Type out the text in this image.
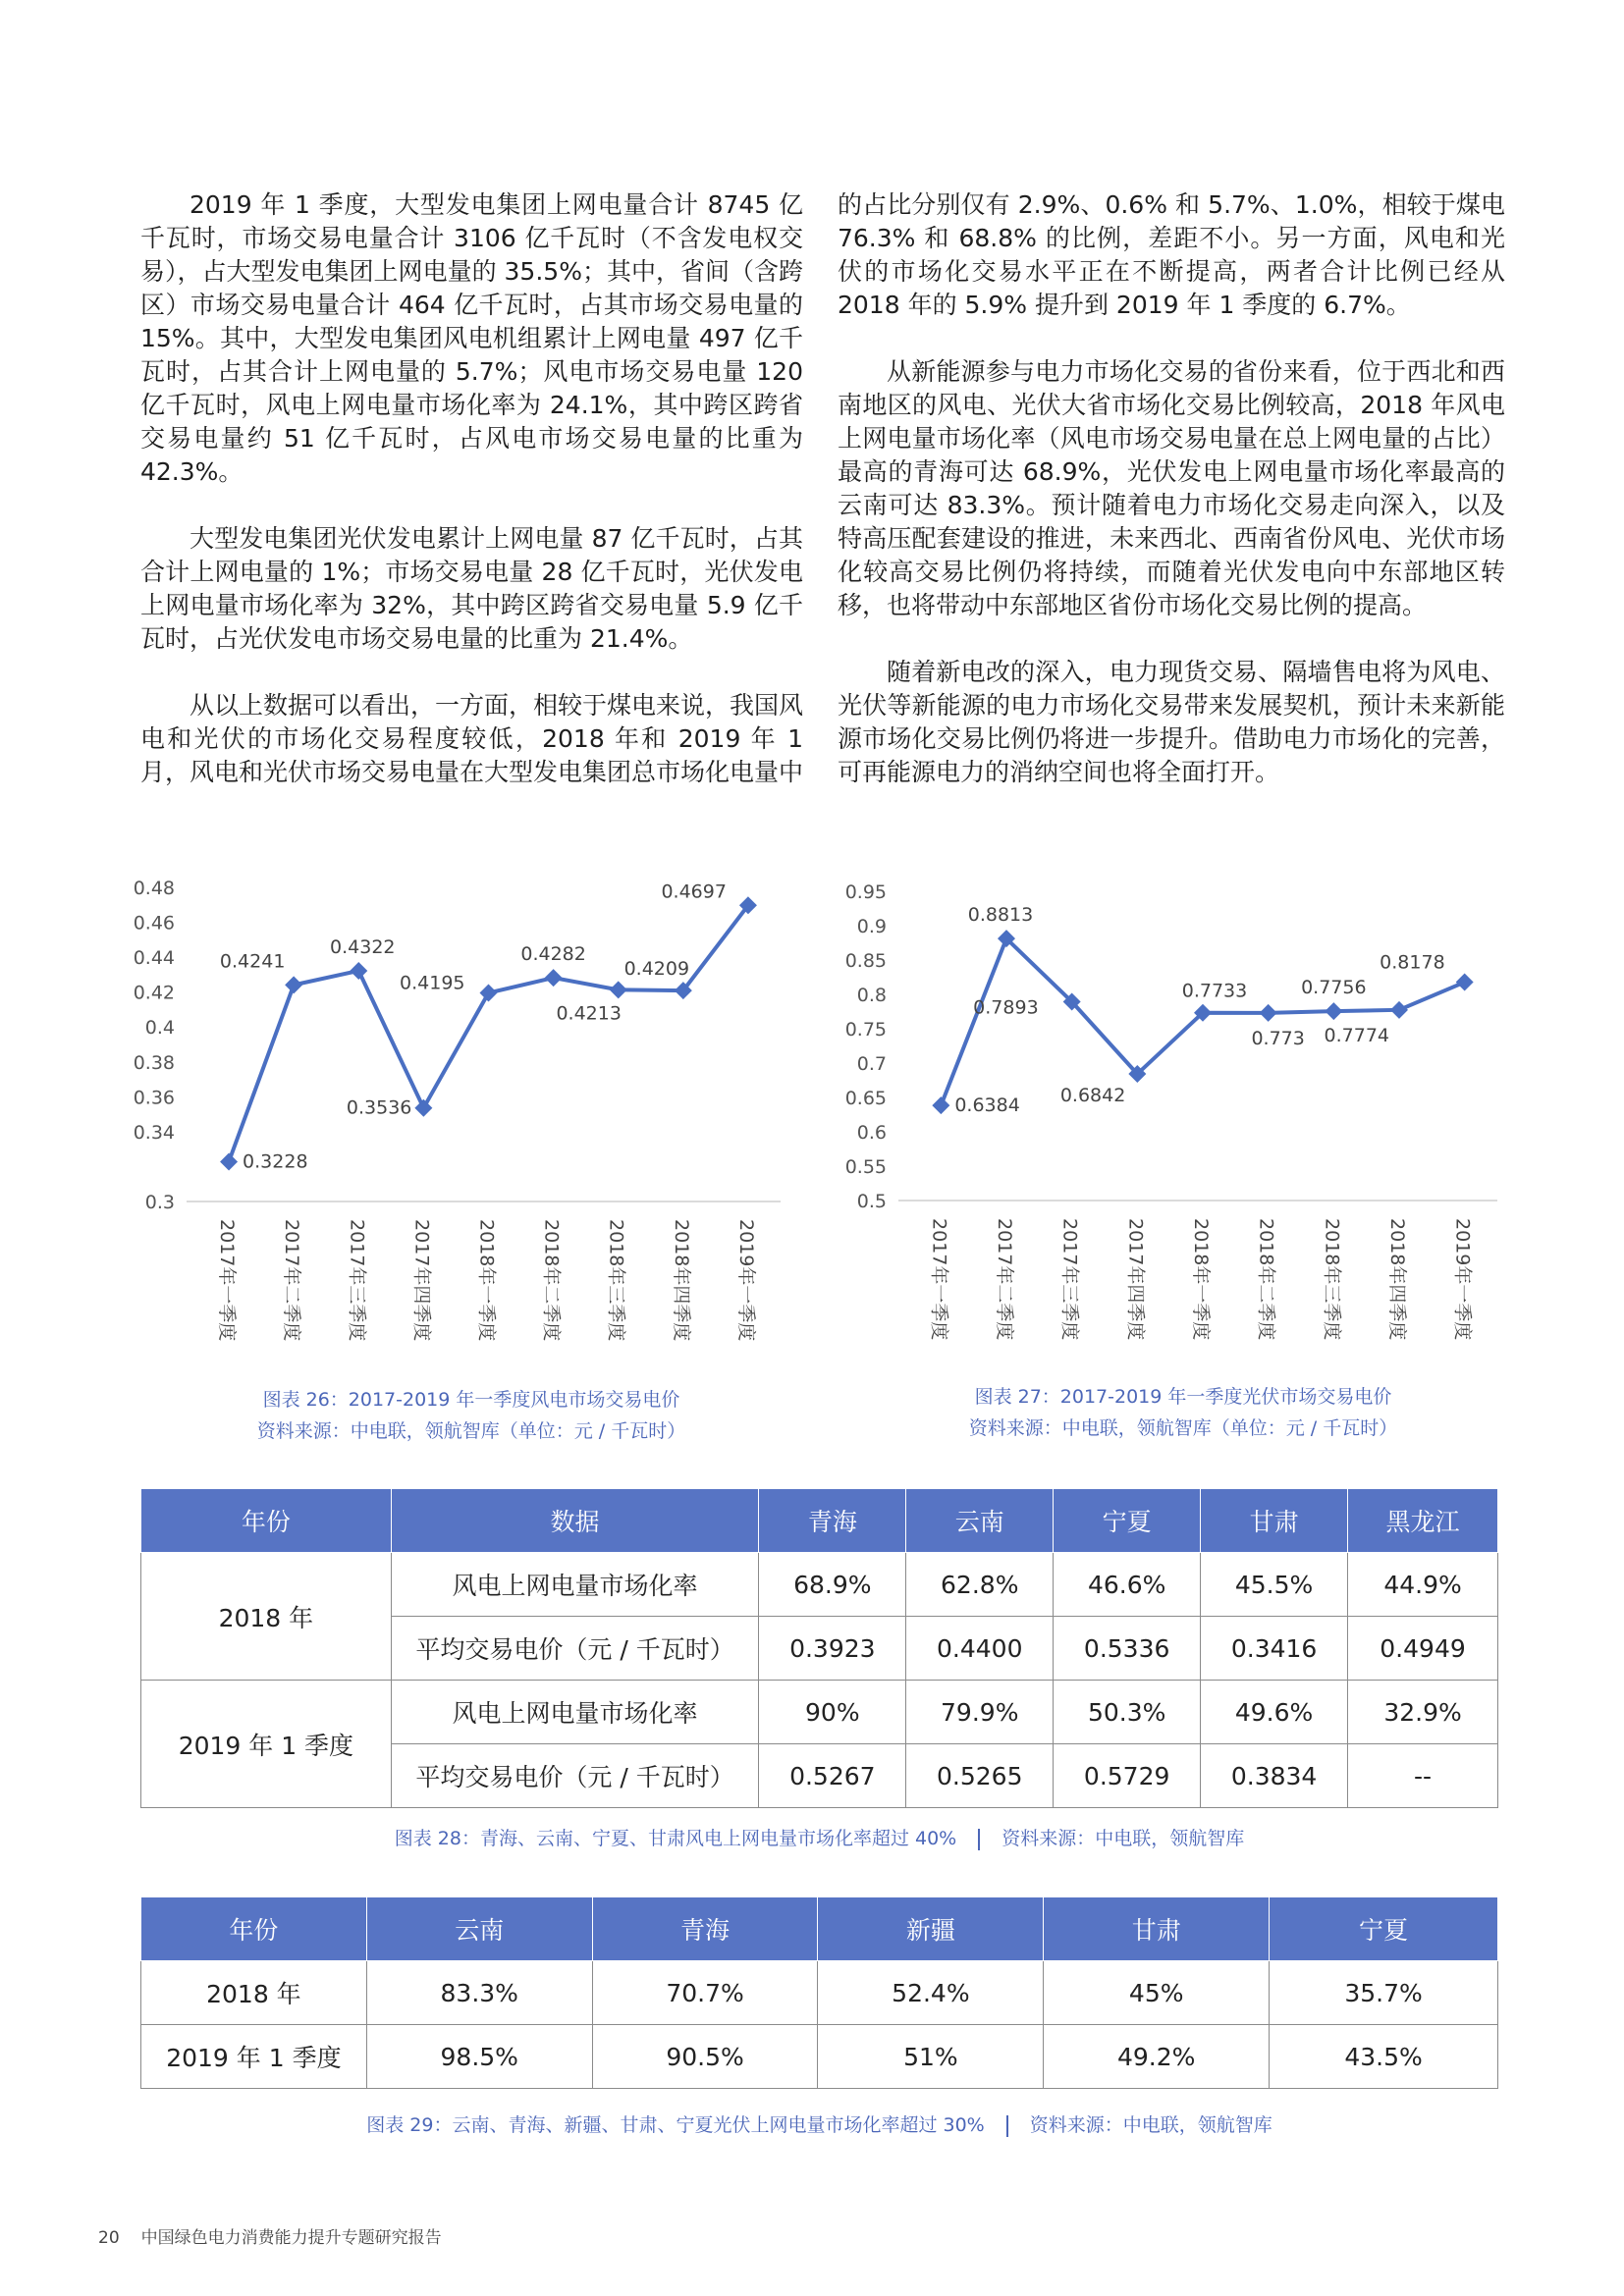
2019 年 1 季度，大型发电集团上网电量合计 8745 亿千瓦时，市场交易电量合计 3106 亿千瓦时（不含发电权交易），占大型发电集团上网电量的 35.5%；其中，省间（含跨区）市场交易电量合计 464 亿千瓦时，占其市场交易电量的 15%。其中，大型发电集团风电机组累计上网电量 497 亿千瓦时，占其合计上网电量的 5.7%；风电市场交易电量 120 亿千瓦时，风电上网电量市场化率为 24.1%，其中跨区跨省交易电量约 51 亿千瓦时，占风电市场交易电量的比重为 42.3%。

大型发电集团光伏发电累计上网电量 87 亿千瓦时，占其合计上网电量的 1%；市场交易电量 28 亿千瓦时，光伏发电上网电量市场化率为 32%，其中跨区跨省交易电量 5.9 亿千瓦时，占光伏发电市场交易电量的比重为 21.4%。

从以上数据可以看出，一方面，相较于煤电来说，我国风电和光伏的市场化交易程度较低，2018 年和 2019 年 1 月，风电和光伏市场交易电量在大型发电集团总市场化电量中

的占比分别仅有 2.9%、0.6% 和 5.7%、1.0%，相较于煤电 76.3% 和 68.8% 的比例，差距不小。另一方面，风电和光伏的市场化交易水平正在不断提高，两者合计比例已经从 2018 年的 5.9% 提升到 2019 年 1 季度的 6.7%。

从新能源参与电力市场化交易的省份来看，位于西北和西南地区的风电、光伏大省市场化交易比例较高，2018 年风电上网电量市场化率（风电市场交易电量在总上网电量的占比）最高的青海可达 68.9%，光伏发电上网电量市场化率最高的云南可达 83.3%。预计随着电力市场化交易走向深入，以及特高压配套建设的推进，未来西北、西南省份风电、光伏市场化较高交易比例仍将持续，而随着光伏发电向中东部地区转移，也将带动中东部地区省份市场化交易比例的提高。

随着新电改的深入，电力现货交易、隔墙售电将为风电、光伏等新能源的电力市场化交易带来发展契机，预计未来新能源市场化交易比例仍将进一步提升。借助电力市场化的完善，可再能源电力的消纳空间也将全面打开。

0.3
0.34
0.36
0.38
0.4
0.42
0.44
0.46
0.48
0.3228
0.4241
0.4322
0.3536
0.4195
0.4282
0.4213
0.4209
0.4697
2017年一季度 2017年二季度 2017年三季度 2017年四季度 2018年一季度 2018年二季度 2018年三季度 2018年四季度 2019年一季度
图表 26：2017-2019 年一季度风电市场交易电价
资料来源：中电联，领航智库（单位：元 / 千瓦时）
0.5
0.55
0.6
0.65
0.7
0.75
0.8
0.85
0.9
0.95
0.6384
0.8813
0.7893
0.6842
0.7733
0.773
0.7756
0.7774
0.8178
2017年一季度 2017年二季度 2017年三季度 2017年四季度 2018年一季度 2018年二季度 2018年三季度 2018年四季度 2019年一季度
图表 27：2017-2019 年一季度光伏市场交易电价
资料来源：中电联，领航智库（单位：元 / 千瓦时）
年份	数据	青海	云南	宁夏	甘肃	黑龙江
2018 年	风电上网电量市场化率	68.9%	62.8%	46.6%	45.5%	44.9%
	平均交易电价（元 / 千瓦时）	0.3923	0.4400	0.5336	0.3416	0.4949
2019 年 1 季度	风电上网电量市场化率	90%	79.9%	50.3%	49.6%	32.9%
	平均交易电价（元 / 千瓦时）	0.5267	0.5265	0.5729	0.3834	--
图表 28：青海、云南、宁夏、甘肃风电上网电量市场化率超过 40% 资料来源：中电联，领航智库
年份	云南	青海	新疆	甘肃	宁夏
2018 年	83.3%	70.7%	52.4%	45%	35.7%
2019 年 1 季度	98.5%	90.5%	51%	49.2%	43.5%
图表 29：云南、青海、新疆、甘肃、宁夏光伏上网电量市场化率超过 30% 资料来源：中电联，领航智库
20 中国绿色电力消费能力提升专题研究报告
